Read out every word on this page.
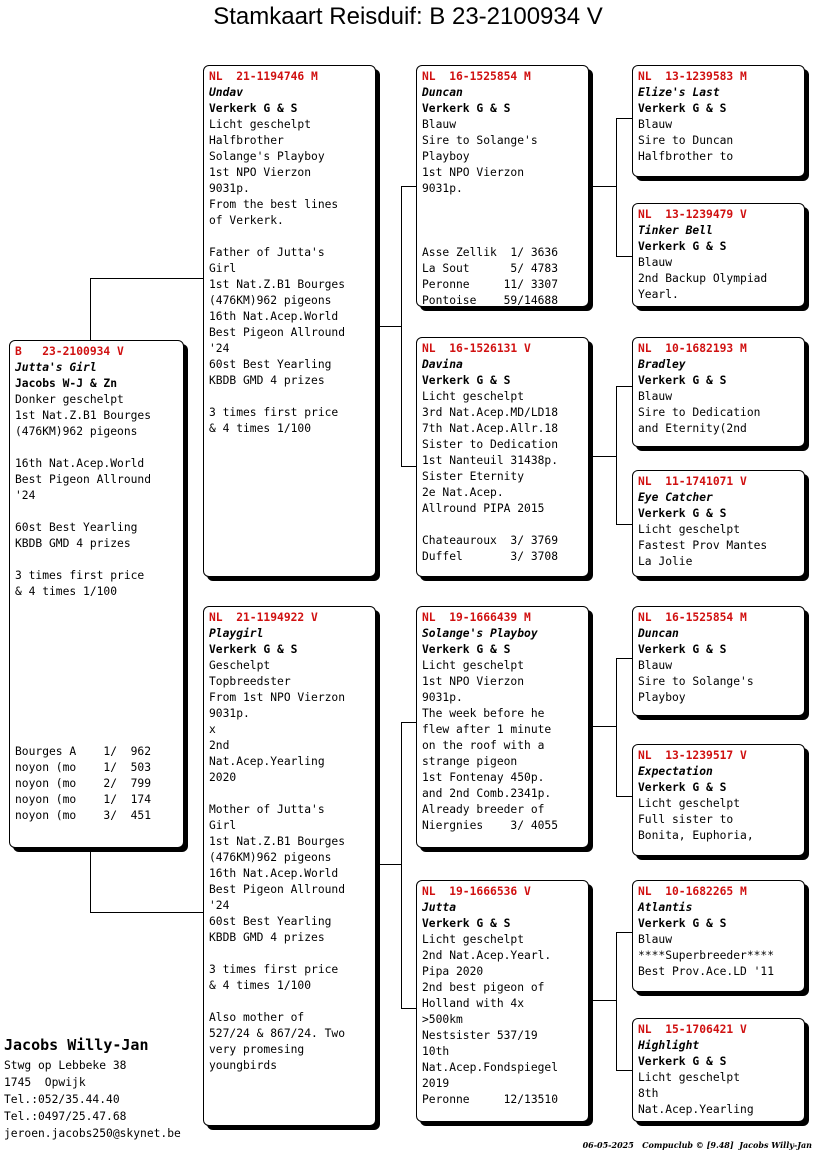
Stamkaart Reisduif: B 23-2100934 V
B   23-2100934 V
Jutta's Girl
Jacobs W-J & Zn
Donker geschelpt
1st Nat.Z.B1 Bourges
(476KM)962 pigeons

16th Nat.Acep.World
Best Pigeon Allround
'24

60st Best Yearling
KBDB GMD 4 prizes

3 times first price
& 4 times 1/100

Bourges A    1/  962
noyon (mo    1/  503
noyon (mo    2/  799
noyon (mo    1/  174
noyon (mo    3/  451
NL  21-1194746 M
Undav
Verkerk G & S
Licht geschelpt
Halfbrother
Solange's Playboy
1st NPO Vierzon
9031p.
From the best lines
of Verkerk.

Father of Jutta's
Girl
1st Nat.Z.B1 Bourges
(476KM)962 pigeons
16th Nat.Acep.World
Best Pigeon Allround
'24
60st Best Yearling
KBDB GMD 4 prizes

3 times first price
& 4 times 1/100
NL  21-1194922 V
Playgirl
Verkerk G & S
Geschelpt
Topbreedster
From 1st NPO Vierzon
9031p.
x
2nd
Nat.Acep.Yearling
2020

Mother of Jutta's
Girl
1st Nat.Z.B1 Bourges
(476KM)962 pigeons
16th Nat.Acep.World
Best Pigeon Allround
'24
60st Best Yearling
KBDB GMD 4 prizes

3 times first price
& 4 times 1/100

Also mother of
527/24 & 867/24. Two
very promesing
youngbirds
NL  16-1525854 M
Duncan
Verkerk G & S
Blauw
Sire to Solange's
Playboy
1st NPO Vierzon
9031p.

Asse Zellik  1/ 3636
La Sout      5/ 4783
Peronne     11/ 3307
Pontoise    59/14688
NL  16-1526131 V
Davina
Verkerk G & S
Licht geschelpt
3rd Nat.Acep.MD/LD18
7th Nat.Acep.Allr.18
Sister to Dedication
1st Nanteuil 31438p.
Sister Eternity
2e Nat.Acep.
Allround PIPA 2015

Chateauroux  3/ 3769
Duffel       3/ 3708
NL  19-1666439 M
Solange's Playboy
Verkerk G & S
Licht geschelpt
1st NPO Vierzon
9031p.
The week before he
flew after 1 minute
on the roof with a
strange pigeon
1st Fontenay 450p.
and 2nd Comb.2341p.
Already breeder of
Niergnies    3/ 4055
NL  19-1666536 V
Jutta
Verkerk G & S
Licht geschelpt
2nd Nat.Acep.Yearl.
Pipa 2020
2nd best pigeon of
Holland with 4x
>500km
Nestsister 537/19
10th
Nat.Acep.Fondspiegel
2019
Peronne     12/13510
NL  13-1239583 M
Elize's Last
Verkerk G & S
Blauw
Sire to Duncan
Halfbrother to
NL  13-1239479 V
Tinker Bell
Verkerk G & S
Blauw
2nd Backup Olympiad
Yearl.
NL  10-1682193 M
Bradley
Verkerk G & S
Blauw
Sire to Dedication
and Eternity(2nd
NL  11-1741071 V
Eye Catcher
Verkerk G & S
Licht geschelpt
Fastest Prov Mantes
La Jolie
NL  16-1525854 M
Duncan
Verkerk G & S
Blauw
Sire to Solange's
Playboy
NL  13-1239517 V
Expectation
Verkerk G & S
Licht geschelpt
Full sister to
Bonita, Euphoria,
NL  10-1682265 M
Atlantis
Verkerk G & S
Blauw
****Superbreeder****
Best Prov.Ace.LD '11
NL  15-1706421 V
Highlight
Verkerk G & S
Licht geschelpt
8th
Nat.Acep.Yearling
Jacobs Willy-Jan
Stwg op Lebbeke 38
1745  Opwijk
Tel.:052/35.44.40
Tel.:0497/25.47.68
jeroen.jacobs250@skynet.be
06-05-2025   Compuclub © [9.48]  Jacobs Willy-Jan
